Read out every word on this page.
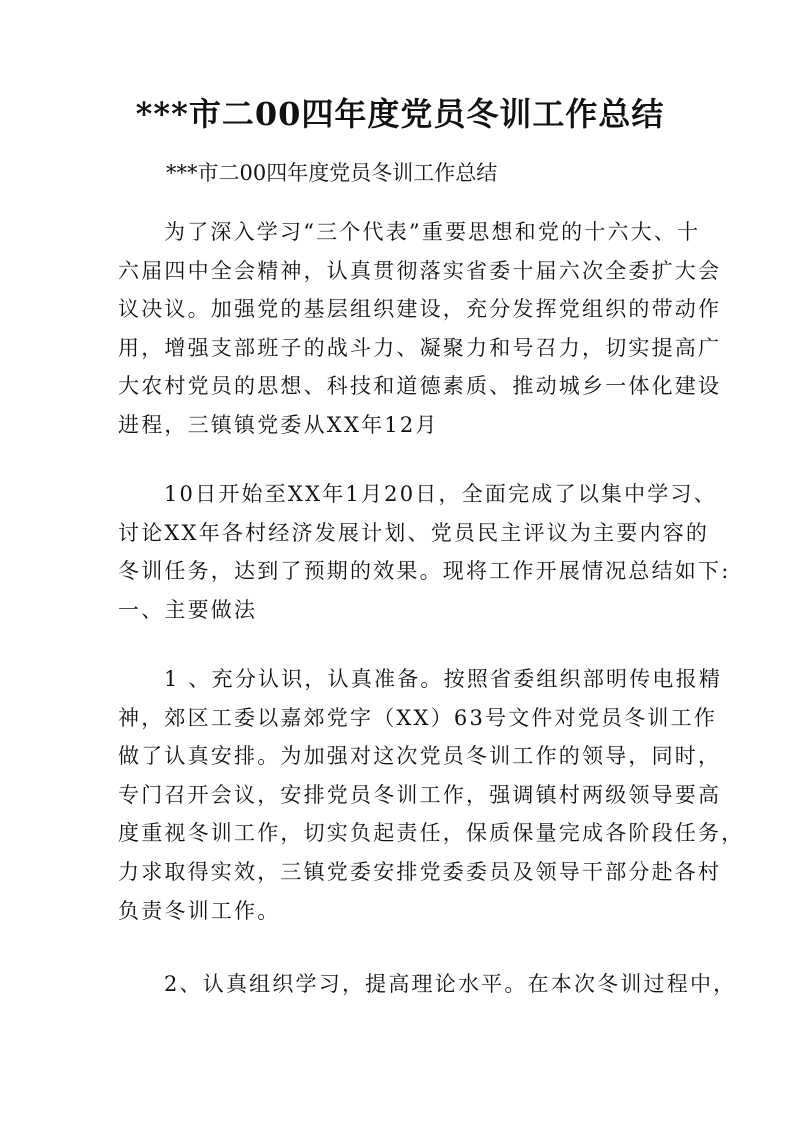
***市二00四年度党员冬训工作总结

***市二00四年度党员冬训工作总结

为了深入学习“三个代表”重要思想和党的十六大、十
六届四中全会精神，认真贯彻落实省委十届六次全委扩大会
议决议。加强党的基层组织建设，充分发挥党组织的带动作
用，增强支部班子的战斗力、凝聚力和号召力，切实提高广
大农村党员的思想、科技和道德素质、推动城乡一体化建设
进程，三镇镇党委从XX年12月
10日开始至XX年1月20日，全面完成了以集中学习、
讨论XX年各村经济发展计划、党员民主评议为主要内容的
冬训任务，达到了预期的效果。现将工作开展情况总结如下:
一、主要做法
1 、充分认识，认真准备。按照省委组织部明传电报精
神，郊区工委以嘉郊党字（XX）63号文件对党员冬训工作
做了认真安排。为加强对这次党员冬训工作的领导，同时，
专门召开会议，安排党员冬训工作，强调镇村两级领导要高
度重视冬训工作，切实负起责任，保质保量完成各阶段任务，
力求取得实效，三镇党委安排党委委员及领导干部分赴各村
负责冬训工作。
2、认真组织学习，提高理论水平。在本次冬训过程中，
